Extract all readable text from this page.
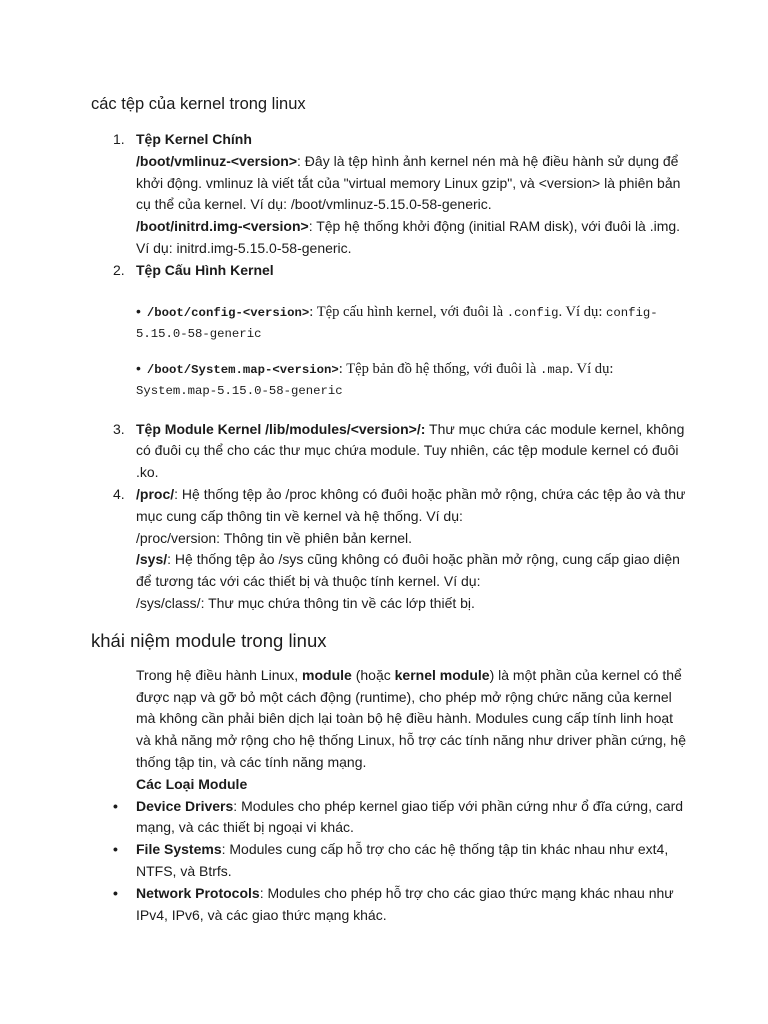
các tệp của kernel trong linux
1. Tệp Kernel Chính
/boot/vmlinuz-<version>: Đây là tệp hình ảnh kernel nén mà hệ điều hành sử dụng để khởi động. vmlinuz là viết tắt của "virtual memory Linux gzip", và <version> là phiên bản cụ thể của kernel. Ví dụ: /boot/vmlinuz-5.15.0-58-generic.
/boot/initrd.img-<version>: Tệp hệ thống khởi động (initial RAM disk), với đuôi là .img. Ví dụ: initrd.img-5.15.0-58-generic.
2. Tệp Cấu Hình Kernel
• /boot/config-<version>: Tệp cấu hình kernel, với đuôi là .config. Ví dụ: config-
5.15.0-58-generic
• /boot/System.map-<version>: Tệp bản đồ hệ thống, với đuôi là .map. Ví dụ:
System.map-5.15.0-58-generic
3. Tệp Module Kernel /lib/modules/<version>/: Thư mục chứa các module kernel, không có đuôi cụ thể cho các thư mục chứa module. Tuy nhiên, các tệp module kernel có đuôi .ko.
4. /proc/: Hệ thống tệp ảo /proc không có đuôi hoặc phần mở rộng, chứa các tệp ảo và thư mục cung cấp thông tin về kernel và hệ thống. Ví dụ:
/proc/version: Thông tin về phiên bản kernel.
/sys/: Hệ thống tệp ảo /sys cũng không có đuôi hoặc phần mở rộng, cung cấp giao diện để tương tác với các thiết bị và thuộc tính kernel. Ví dụ:
/sys/class/: Thư mục chứa thông tin về các lớp thiết bị.
khái niệm module trong linux
Trong hệ điều hành Linux, module (hoặc kernel module) là một phần của kernel có thể được nạp và gỡ bỏ một cách động (runtime), cho phép mở rộng chức năng của kernel mà không cần phải biên dịch lại toàn bộ hệ điều hành. Modules cung cấp tính linh hoạt và khả năng mở rộng cho hệ thống Linux, hỗ trợ các tính năng như driver phần cứng, hệ thống tập tin, và các tính năng mạng.
Các Loại Module
• Device Drivers: Modules cho phép kernel giao tiếp với phần cứng như ổ đĩa cứng, card mạng, và các thiết bị ngoại vi khác.
• File Systems: Modules cung cấp hỗ trợ cho các hệ thống tập tin khác nhau như ext4, NTFS, và Btrfs.
• Network Protocols: Modules cho phép hỗ trợ cho các giao thức mạng khác nhau như IPv4, IPv6, và các giao thức mạng khác.
